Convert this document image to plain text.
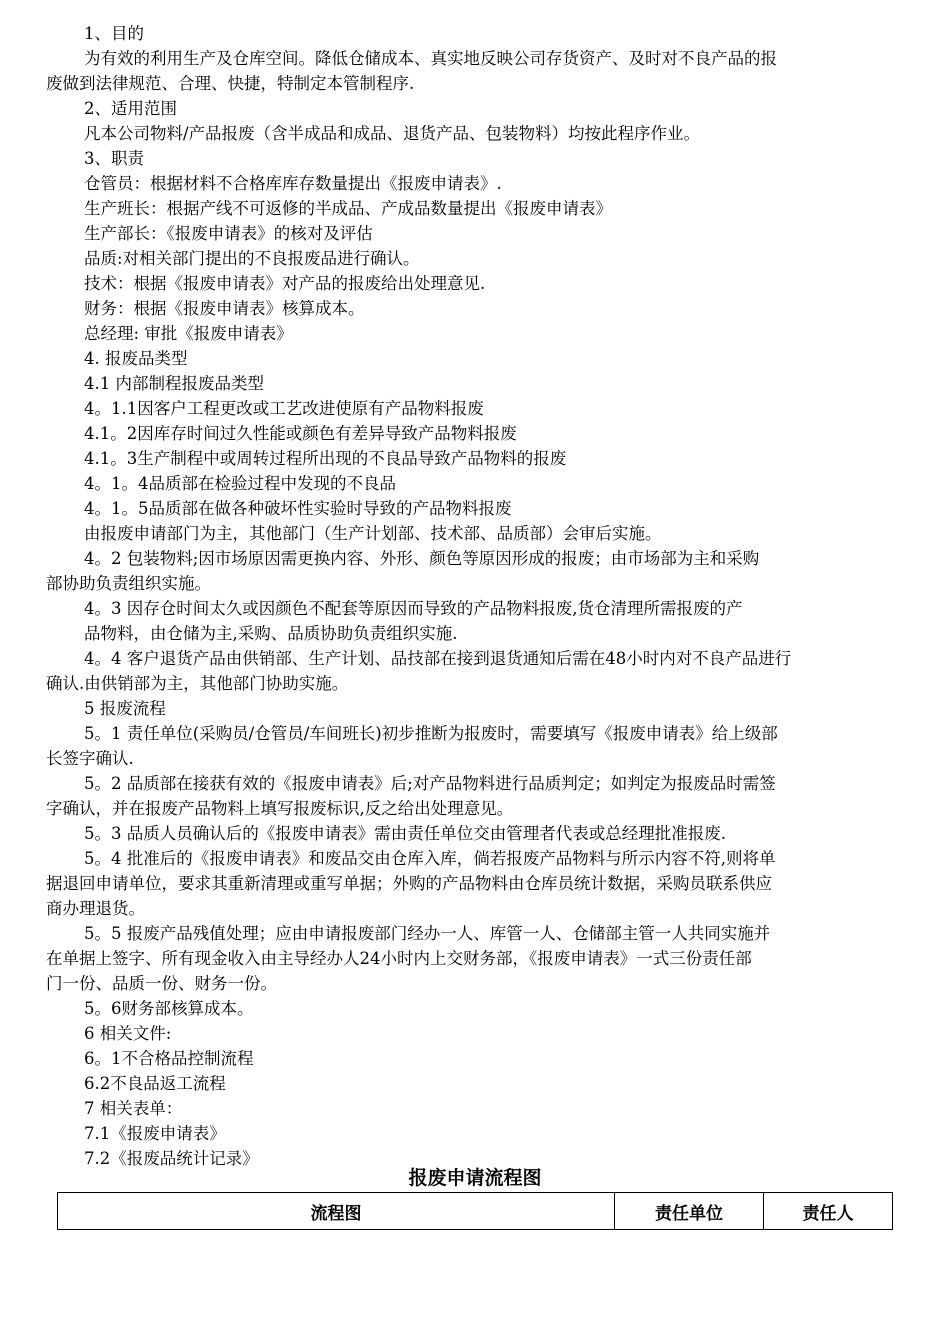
1、目的
为有效的利用生产及仓库空间。降低仓储成本、真实地反映公司存货资产、及时对不良产品的报
废做到法律规范、合理、快捷，特制定本管制程序.
2、适用范围
凡本公司物料/产品报废（含半成品和成品、退货产品、包装物料）均按此程序作业。
3、职责
仓管员：根据材料不合格库库存数量提出《报废申请表》.
生产班长：根据产线不可返修的半成品、产成品数量提出《报废申请表》
生产部长：《报废申请表》的核对及评估
品质:对相关部门提出的不良报废品进行确认。
技术：根据《报废申请表》对产品的报废给出处理意见.
财务：根据《报废申请表》核算成本。
总经理: 审批《报废申请表》
4. 报废品类型
4.1 内部制程报废品类型
4。1.1因客户工程更改或工艺改进使原有产品物料报废
4.1。2因库存时间过久性能或颜色有差异导致产品物料报废
4.1。3生产制程中或周转过程所出现的不良品导致产品物料的报废
4。1。4品质部在检验过程中发现的不良品
4。1。5品质部在做各种破坏性实验时导致的产品物料报废
由报废申请部门为主，其他部门（生产计划部、技术部、品质部）会审后实施。
4。2 包装物料;因市场原因需更换内容、外形、颜色等原因形成的报废；由市场部为主和采购
部协助负责组织实施。
4。3 因存仓时间太久或因颜色不配套等原因而导致的产品物料报废,货仓清理所需报废的产
品物料，由仓储为主,采购、品质协助负责组织实施.
4。4 客户退货产品由供销部、生产计划、品技部在接到退货通知后需在48小时内对不良产品进行
确认.由供销部为主，其他部门协助实施。
5 报废流程
5。1 责任单位(采购员/仓管员/车间班长)初步推断为报废时，需要填写《报废申请表》给上级部
长签字确认.
5。2 品质部在接获有效的《报废申请表》后;对产品物料进行品质判定；如判定为报废品时需签
字确认，并在报废产品物料上填写报废标识,反之给出处理意见。
5。3 品质人员确认后的《报废申请表》需由责任单位交由管理者代表或总经理批准报废.
5。4 批准后的《报废申请表》和废品交由仓库入库，倘若报废产品物料与所示内容不符,则将单
据退回申请单位，要求其重新清理或重写单据；外购的产品物料由仓库员统计数据，采购员联系供应
商办理退货。
5。5 报废产品残值处理；应由申请报废部门经办一人、库管一人、仓储部主管一人共同实施并
在单据上签字、所有现金收入由主导经办人24小时内上交财务部，《报废申请表》一式三份责任部
门一份、品质一份、财务一份。
5。6财务部核算成本。
6 相关文件:
6。1不合格品控制流程
6.2不良品返工流程
7 相关表单：
7.1《报废申请表》
7.2《报废品统计记录》
报废申请流程图
流程图	责任单位	责任人
